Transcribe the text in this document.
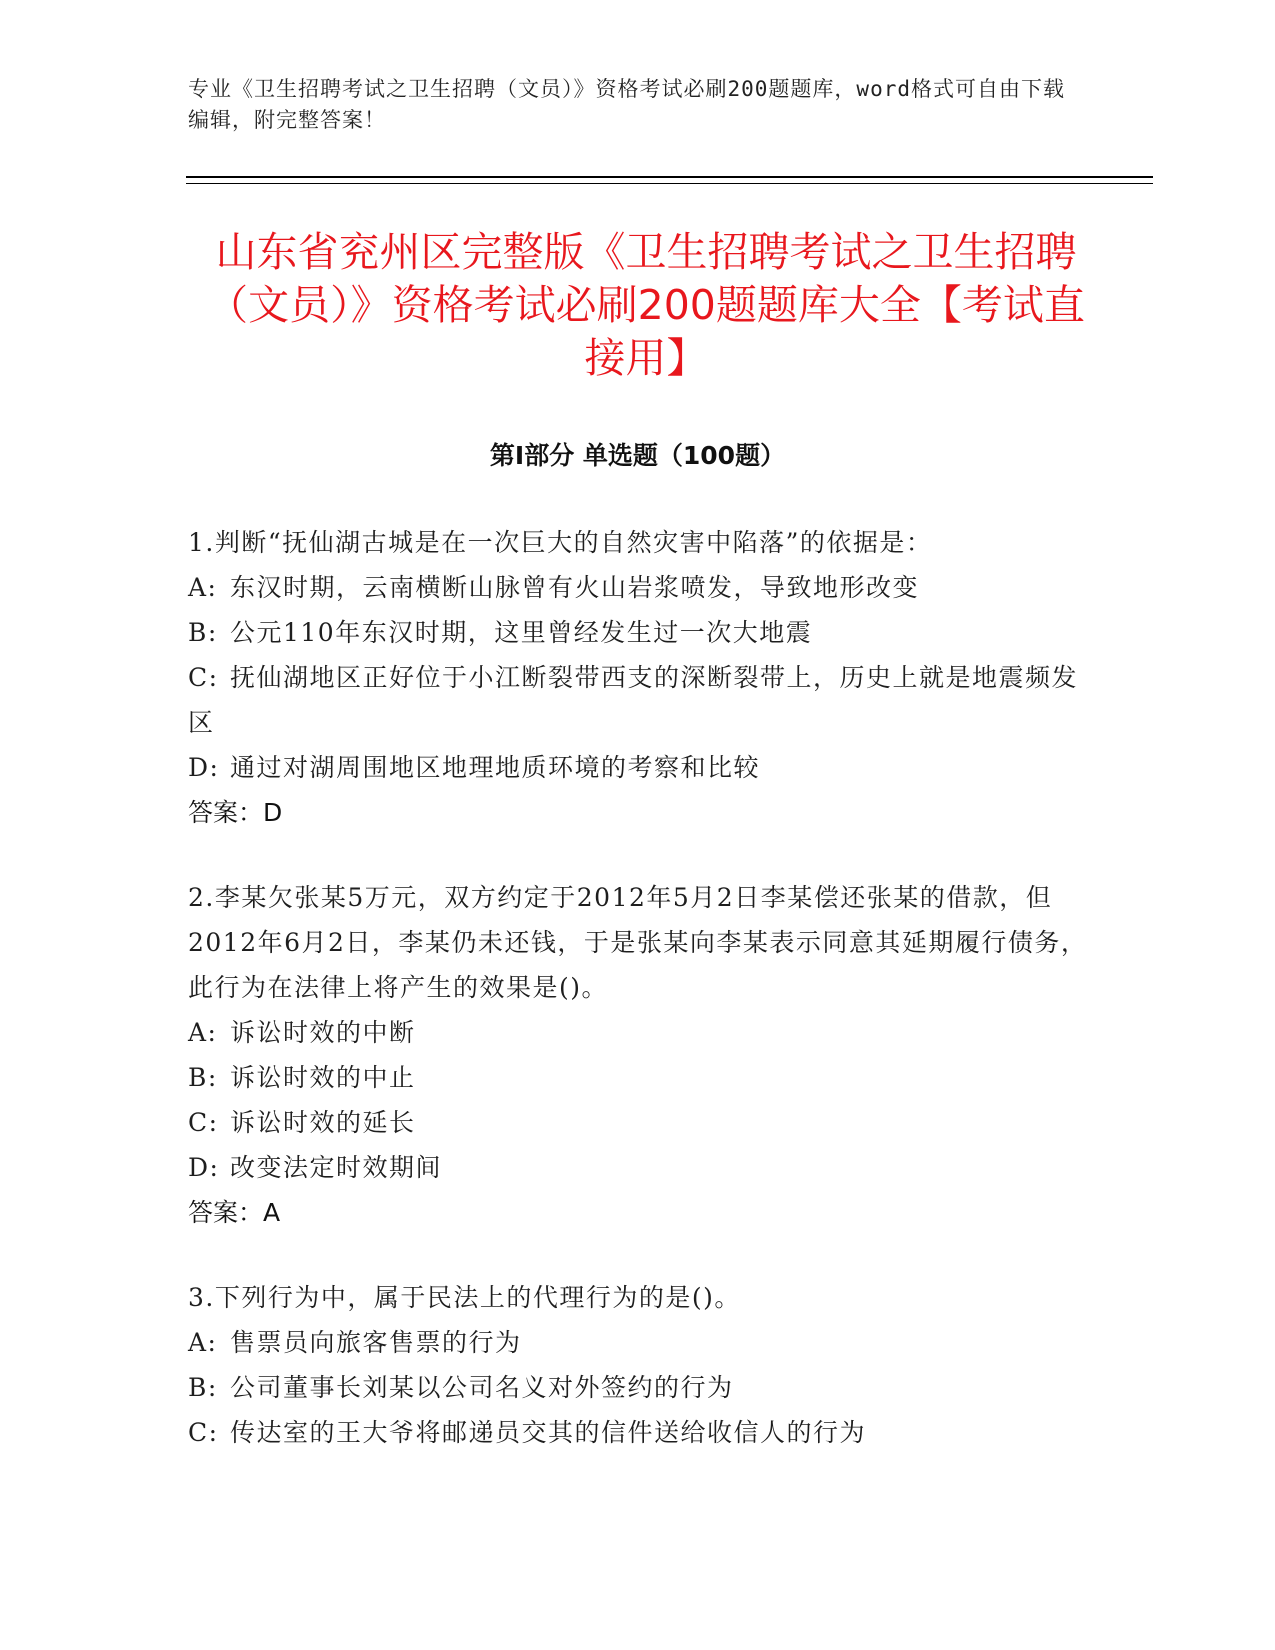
专业《卫生招聘考试之卫生招聘（文员）》资格考试必刷200题题库，word格式可自由下载编辑，附完整答案！
山东省兖州区完整版《卫生招聘考试之卫生招聘（文员）》资格考试必刷200题题库大全【考试直接用】
第Ⅰ部分 单选题（100题）
1.判断“抚仙湖古城是在一次巨大的自然灾害中陷落”的依据是：
A: 东汉时期，云南横断山脉曾有火山岩浆喷发，导致地形改变
B: 公元110年东汉时期，这里曾经发生过一次大地震
C: 抚仙湖地区正好位于小江断裂带西支的深断裂带上，历史上就是地震频发区
D: 通过对湖周围地区地理地质环境的考察和比较
答案：D
2.李某欠张某5万元，双方约定于2012年5月2日李某偿还张某的借款，但2012年6月2日，李某仍未还钱，于是张某向李某表示同意其延期履行债务，此行为在法律上将产生的效果是()。
A: 诉讼时效的中断
B: 诉讼时效的中止
C: 诉讼时效的延长
D: 改变法定时效期间
答案：A
3.下列行为中，属于民法上的代理行为的是()。
A: 售票员向旅客售票的行为
B: 公司董事长刘某以公司名义对外签约的行为
C: 传达室的王大爷将邮递员交其的信件送给收信人的行为
